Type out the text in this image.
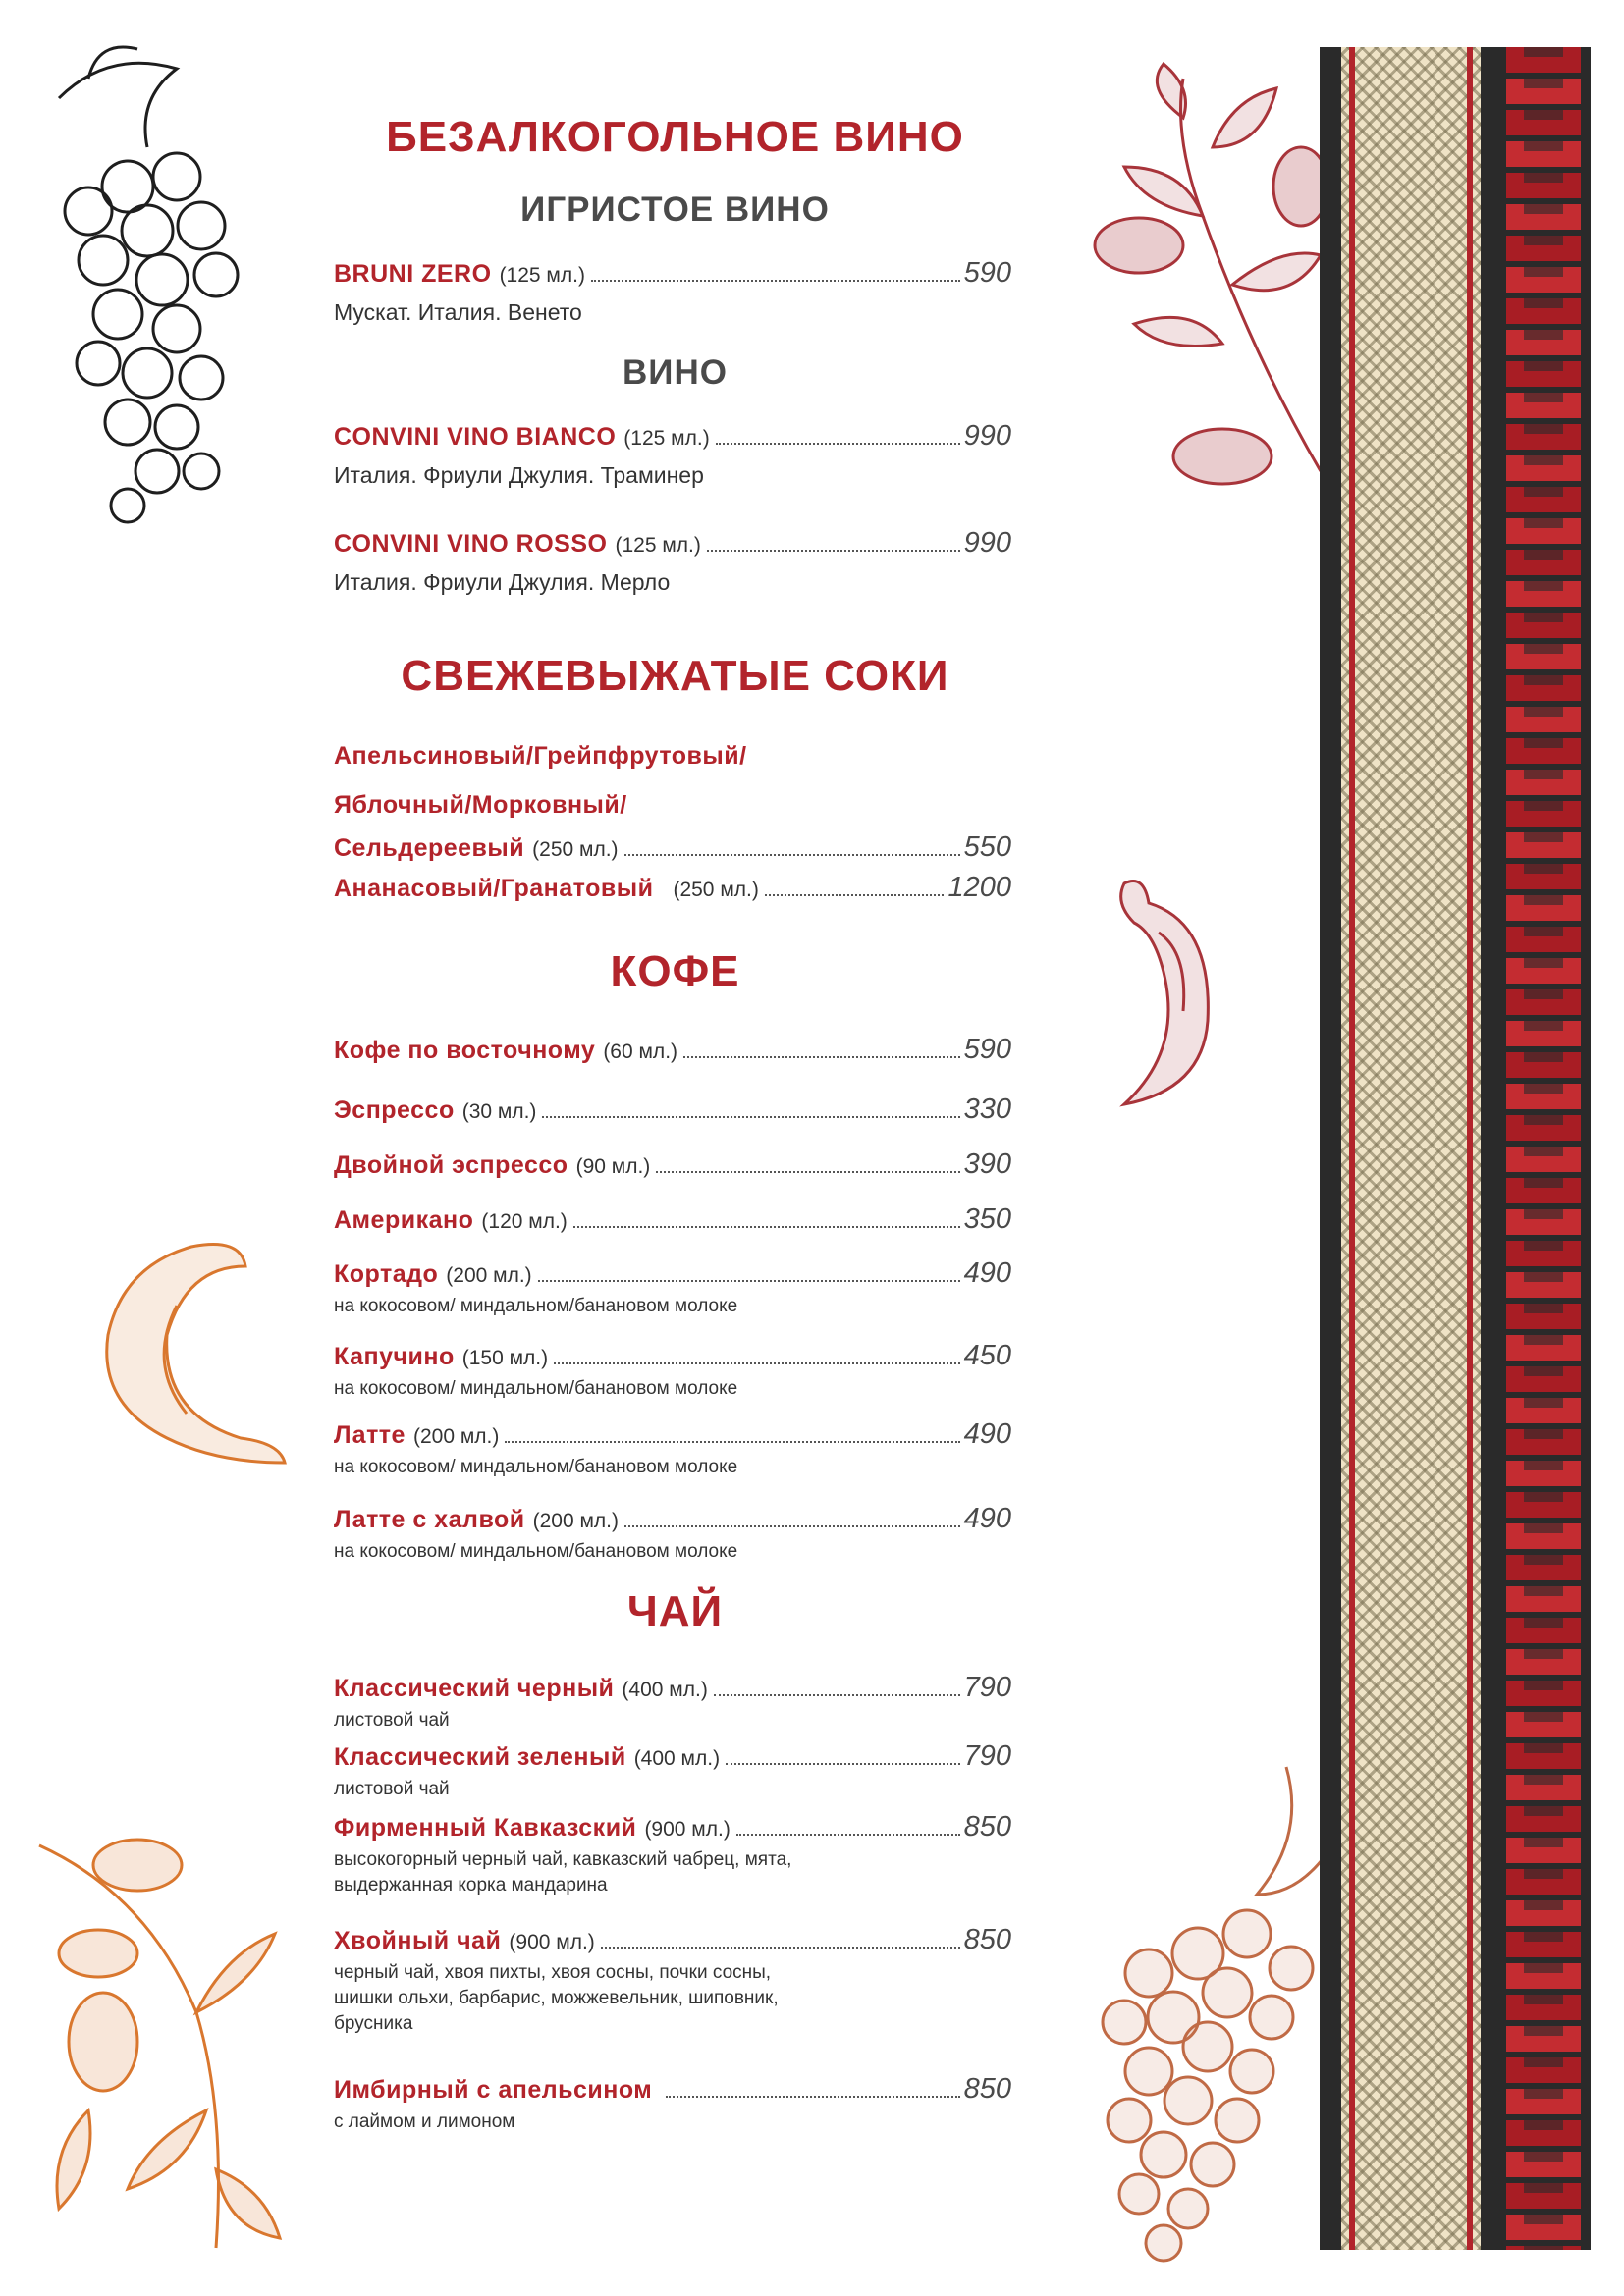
БЕЗАЛКОГОЛЬНОЕ ВИНО
ИГРИСТОЕ ВИНО
BRUNI ZERO (125 мл.)	590
Мускат. Италия. Венето
ВИНО
CONVINI VINO BIANCO (125 мл.)	990
Италия. Фриули Джулия. Траминер
CONVINI VINO ROSSO (125 мл.)	990
Италия. Фриули Джулия. Мерло
СВЕЖЕВЫЖАТЫЕ СОКИ
Апельсиновый/Грейпфрутовый/
Яблочный/Морковный/
Сельдереевый (250 мл.)	550
Ананасовый/Гранатовый (250 мл.)	1200
КОФЕ
Кофе по восточному (60 мл.)	590
Эспрессо (30 мл.)	330
Двойной эспрессо (90 мл.)	390
Американо (120 мл.)	350
Кортадо (200 мл.)	490
на кокосовом/ миндальном/банановом молоке
Капучино (150 мл.)	450
на кокосовом/ миндальном/банановом молоке
Латте (200 мл.)	490
на кокосовом/ миндальном/банановом молоке
Латте с халвой (200 мл.)	490
на кокосовом/ миндальном/банановом молоке
ЧАЙ
Классический черный (400 мл.)	790
листовой чай
Классический зеленый (400 мл.)	790
листовой чай
Фирменный Кавказский (900 мл.)	850
высокогорный черный чай, кавказский чабрец, мята,
выдержанная корка мандарина
Хвойный чай (900 мл.)	850
черный чай, хвоя пихты, хвоя сосны, почки сосны,
шишки ольхи, барбарис, можжевельник, шиповник,
брусника
Имбирный с апельсином	850
с лаймом и лимоном
